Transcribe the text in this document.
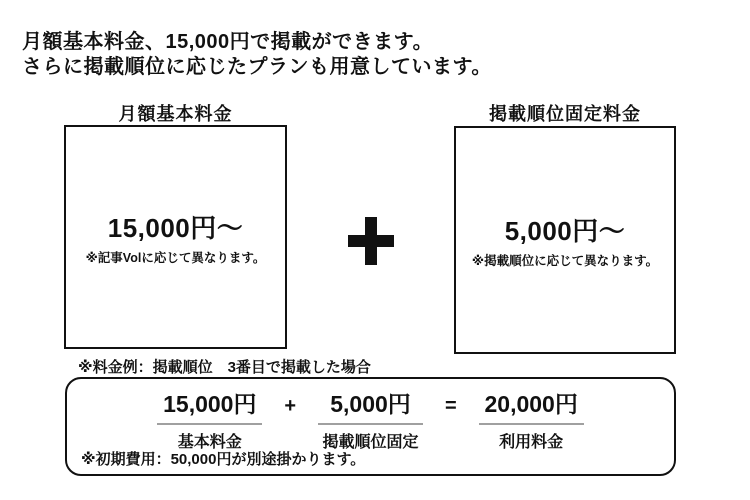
月額基本料金、15,000円で掲載ができます。
さらに掲載順位に応じたプランも用意しています。
月額基本料金
15,000円～
※記事Volに応じて異なります。
掲載順位固定料金
5,000円～
※掲載順位に応じて異なります。
※料金例：掲載順位　3番目で掲載した場合
15,000円
基本料金
+ 5,000円
掲載順位固定
= 20,000円
利用料金
※初期費用：50,000円が別途掛かります。
